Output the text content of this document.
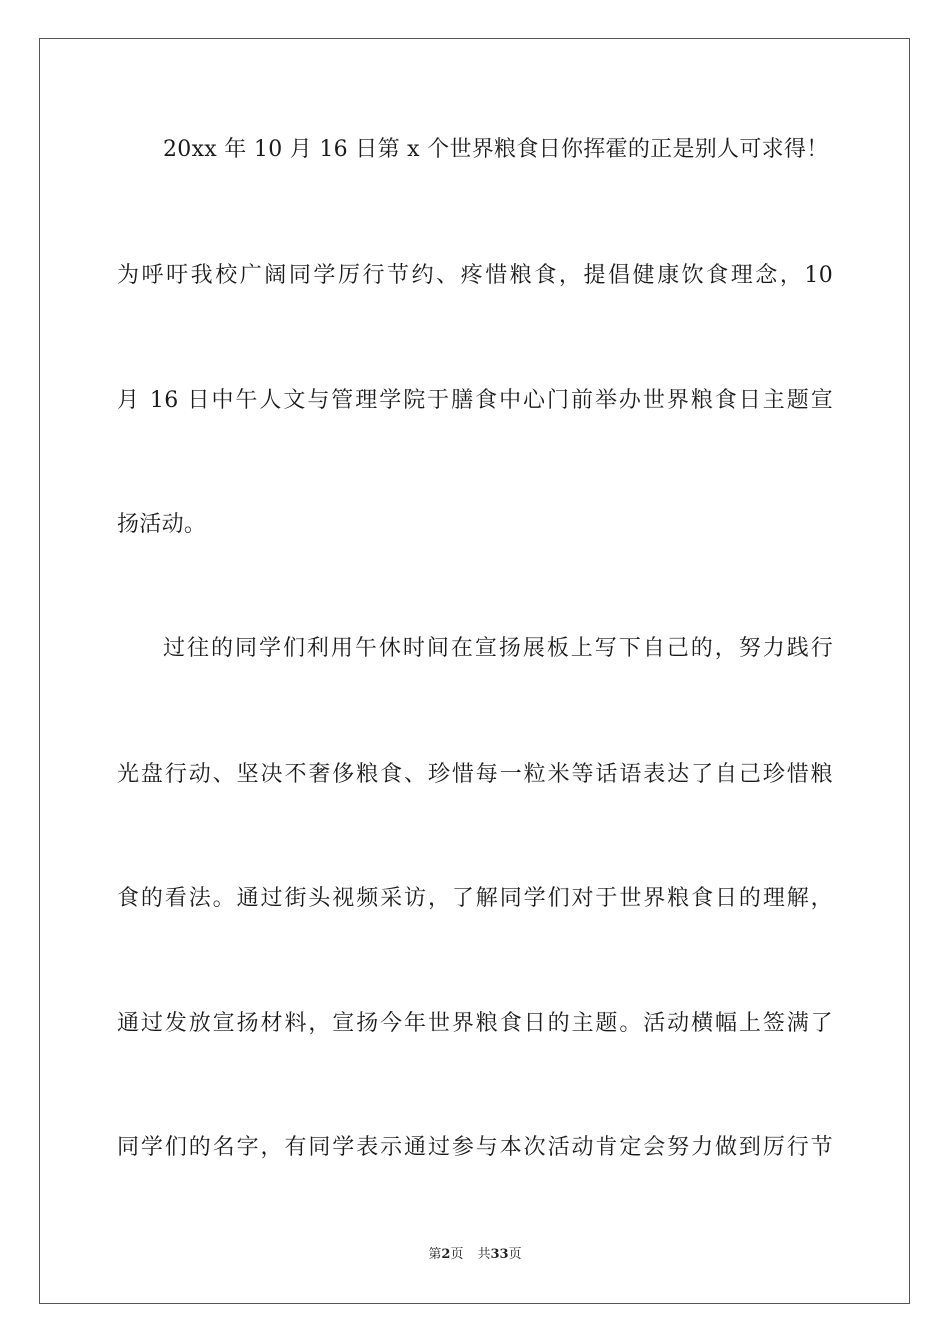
20xx 年 10 月 16 日第 x 个世界粮食日你挥霍的正是别人可求得！
为呼吁我校广阔同学厉行节约、疼惜粮食，提倡健康饮食理念，10
月 16 日中午人文与管理学院于膳食中心门前举办世界粮食日主题宣
扬活动。
过往的同学们利用午休时间在宣扬展板上写下自己的，努力践行
光盘行动、坚决不奢侈粮食、珍惜每一粒米等话语表达了自己珍惜粮
食的看法。通过街头视频采访，了解同学们对于世界粮食日的理解，
通过发放宣扬材料，宣扬今年世界粮食日的主题。活动横幅上签满了
同学们的名字，有同学表示通过参与本次活动肯定会努力做到厉行节
第2页 共33页
